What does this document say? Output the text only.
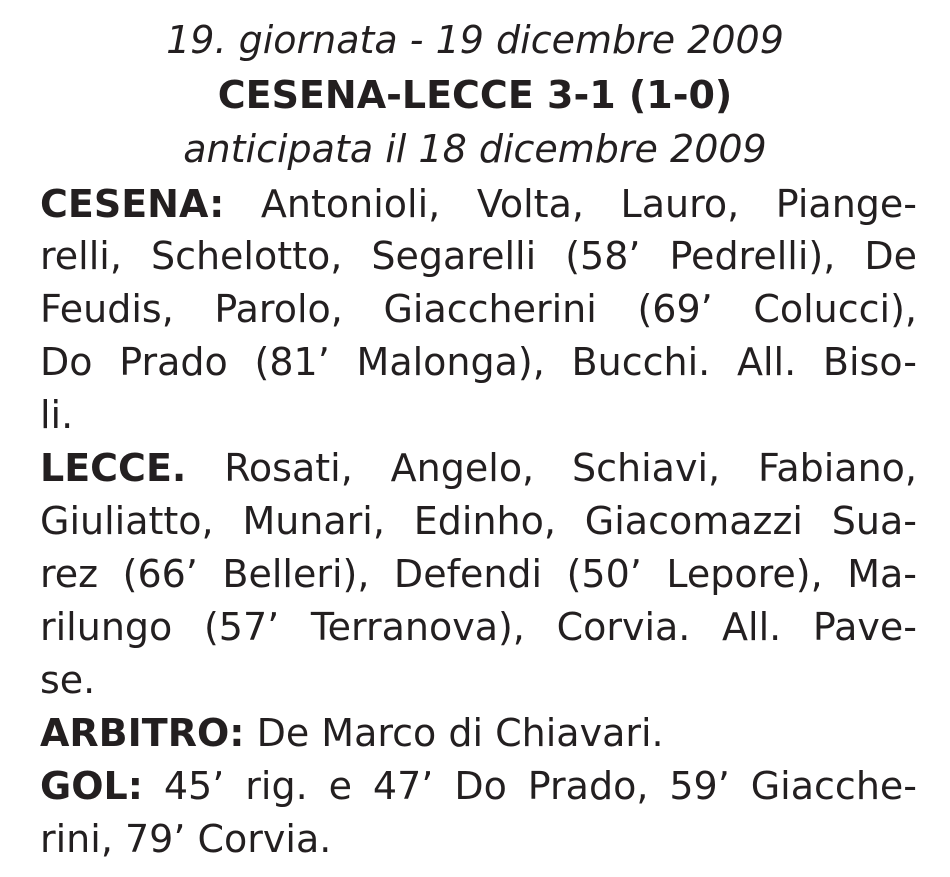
19. giornata - 19 dicembre 2009
CESENA-LECCE 3-1 (1-0)
anticipata il 18 dicembre 2009
CESENA: Antonioli, Volta, Lauro, Piange-
relli, Schelotto, Segarelli (58’ Pedrelli), De
Feudis, Parolo, Giaccherini (69’ Colucci),
Do Prado (81’ Malonga), Bucchi. All. Biso-
li.
LECCE. Rosati, Angelo, Schiavi, Fabiano,
Giuliatto, Munari, Edinho, Giacomazzi Sua-
rez (66’ Belleri), Defendi (50’ Lepore), Ma-
rilungo (57’ Terranova), Corvia. All. Pave-
se.
ARBITRO: De Marco di Chiavari.
GOL: 45’ rig. e 47’ Do Prado, 59’ Giacche-
rini, 79’ Corvia.
